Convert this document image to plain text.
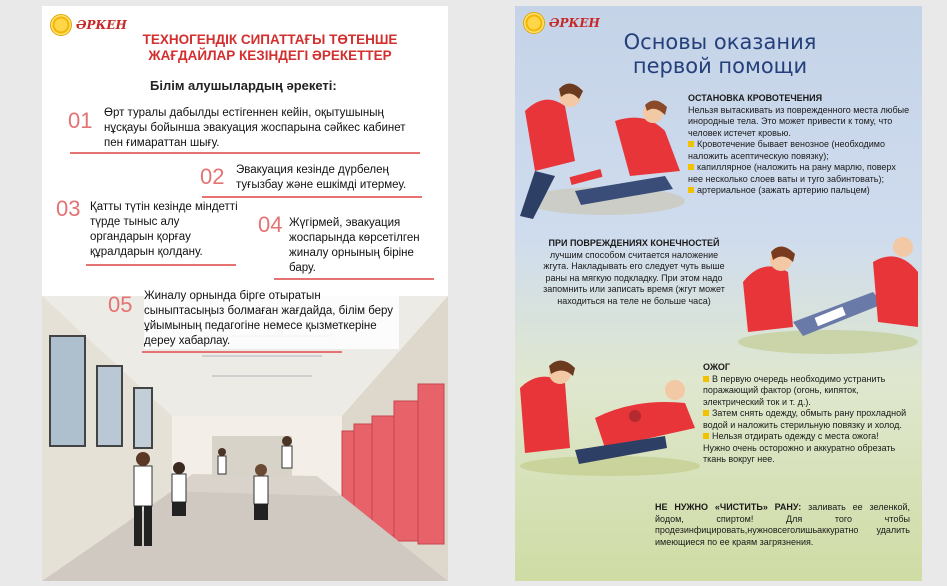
ӘРКЕН
ТЕХНОГЕНДІК СИПАТТАҒЫ ТӨТЕНШЕ ЖАҒДАЙЛАР КЕЗІНДЕГІ ӘРЕКЕТТЕР
Білім алушылардың әрекеті:
01 Өрт туралы дабылды естігеннен кейін, оқытушының нұсқауы бойынша эвакуация жоспарына сәйкес кабинет пен ғимараттан шығу.
02 Эвакуация кезінде дүрбелең туғызбау және ешкімді итермеу.
03 Қатты түтін кезінде міндетті түрде тыныс алу органдарын қорғау құралдарын қолдану.
04 Жүгірмей, эвакуация жоспарында көрсетілген жиналу орнының біріне бару.
05 Жиналу орнында бірге отыратын сыныптасыңыз болмаған жағдайда, білім беру ұйымының педагогіне немесе қызметкеріне дереу хабарлау.
ӘРКЕН
Основы оказания первой помощи
ОСТАНОВКА КРОВОТЕЧЕНИЯ
Нельзя вытаскивать из поврежденного места любые инородные тела. Это может привести к тому, что человек истечет кровью.
Кровотечение бывает венозное (необходимо наложить асептическую повязку);
капиллярное (наложить на рану марлю, поверх нее несколько слоев ваты и туго забинтовать);
артериальное (зажать артерию пальцем)
ПРИ ПОВРЕЖДЕНИЯХ КОНЕЧНОСТЕЙ лучшим способом считается наложение жгута. Накладывать его следует чуть выше раны на мягкую подкладку. При этом надо запомнить или записать время (жгут может находиться на теле не больше часа)
ОЖОГ
В первую очередь необходимо устранить поражающий фактор (огонь, кипяток, электрический ток и т. д.).
Затем снять одежду, обмыть рану прохладной водой и наложить стерильную повязку и холод.
Нельзя отдирать одежду с места ожога!
Нужно очень осторожно и аккуратно обрезать ткань вокруг нее.
НЕ НУЖНО «ЧИСТИТЬ» РАНУ: заливать ее зеленкой, йодом, спиртом! Для того чтобы продезинфицировать,нужновсеголишьаккуратно удалить имеющиеся по ее краям загрязнения.
